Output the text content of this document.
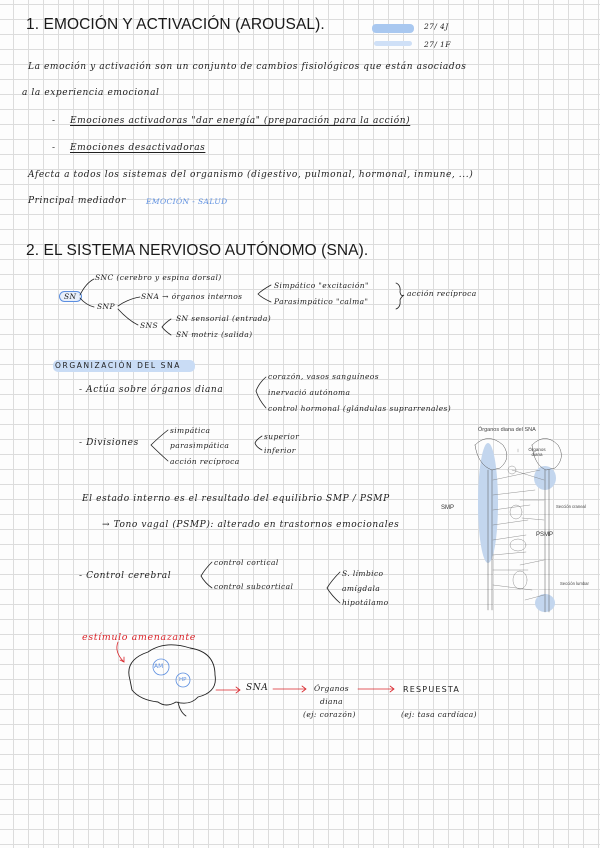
1. EMOCIÓN Y ACTIVACIÓN (AROUSAL).	27/ 4J
27/ 1F
La emoción y activación son un conjunto de cambios fisiológicos que están asociados
a la experiencia emocional
- Emociones activadoras "dar energía" (preparación para la acción)
- Emociones desactivadoras
Afecta a todos los sistemas del organismo (digestivo, pulmonal, hormonal, inmune, ...)
Principal mediador	EMOCIÓN - SALUD
2. EL SISTEMA NERVIOSO AUTÓNOMO (SNA).
SN
SNC (cerebro y espina dorsal)
SNP
SNA → órganos internos
Simpático "excitación"
Parasimpático "calma"
acción recíproca
SNS
SN sensorial (entrada)
SN motriz (salida)
ORGANIZACIÓN DEL SNA
- Actúa sobre órganos diana
corazón, vasos sanguíneos
inervació autónoma
control hormonal (glándulas suprarrenales)
- Divisiones
simpática
parasimpática
acción recíproca
superior
inferior
El estado interno es el resultado del equilibrio SMP / PSMP
→ Tono vagal (PSMP): alterado en trastornos emocionales
- Control cerebral
control cortical
control subcortical
S. límbico
amígdala
hipotálamo
Órganos diana del SNA
Órganos diana
SMP
PSMP
Sección craneal
Sección lumbar
estímulo amenazante
AM
HP
SNA	Órganos
diana
(ej: corazón)
RESPUESTA
(ej: tasa cardíaca)
